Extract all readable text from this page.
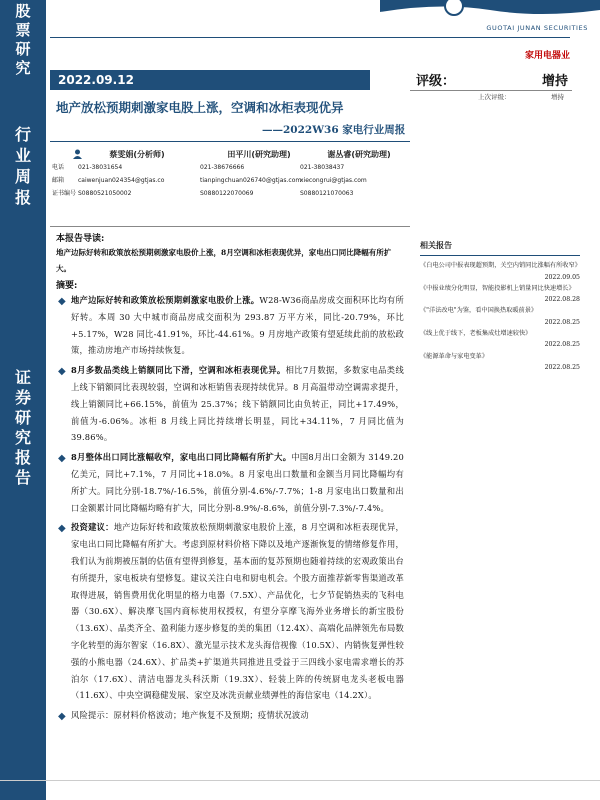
股
票
研
究
行
业
周
报
证
券
研
究
报
告
GUOTAI JUNAN SECURITIES
家用电器业
2022.09.12
地产放松预期刺激家电股上涨，空调和冰柜表现优异
——2022W36 家电行业周报
评级：	增持
上次评级：	增持
电话
邮箱
证书编号
蔡雯娟(分析师)
021-38031654
caiwenjuan024354@gtjas.co
S0880521050002
田平川(研究助理)
021-38676666
tianpingchuan026740@gtjas.com
S0880122070069
谢丛睿(研究助理)
021-38038437
xiecongrui@gtjas.com
S0880121070063
本报告导读:
地产边际好转和政策放松预期刺激家电股价上涨，8月空调和冰柜表现优异，家电出口同比降幅有所扩大。
摘要:
◆ 地产边际好转和政策放松预期刺激家电股价上涨。W28-W36商品房成交面积环比均有所好转。本周 30 大中城市商品房成交面积为 293.87 万平方米，同比-20.79%，环比+5.17%，W28 同比-41.91%，环比-44.61%。9 月房地产政策有望延续此前的放松政策，推动房地产市场持续恢复。
◆ 8月多数品类线上销额同比下滑，空调和冰柜表现优异。相比7月数据，多数家电品类线上线下销额同比表现较弱，空调和冰柜销售表现持续优异。8 月高温带动空调需求提升，线上销额同比+66.15%，前值为 25.37%；线下销额同比由负转正，同比+17.49%，前值为-6.06%。冰柜 8 月线上同比持续增长明显，同比+34.11%，7 月同比值为 39.86%。
◆ 8月整体出口同比涨幅收窄，家电出口同比降幅有所扩大。中国8月出口金额为 3149.20 亿美元，同比+7.1%，7 月同比+18.0%。8 月家电出口数量和金额当月同比降幅均有所扩大。同比分别-18.7%/-16.5%，前值分别-4.6%/-7.7%；1-8 月家电出口数量和出口金额累计同比降幅均略有扩大，同比分别-8.9%/-8.6%，前值分别-7.3%/-7.4%。
◆ 投资建议：地产边际好转和政策放松预期刺激家电股价上涨，8 月空调和冰柜表现优异，家电出口同比降幅有所扩大。考虑到原材料价格下降以及地产逐渐恢复的情绪修复作用，我们认为前期被压制的估值有望得到修复，基本面的复苏预期也随着持续的宏观政策出台有所提升，家电板块有望修复。建议关注白电和厨电机会。个股方面推荐新零售渠道改革取得进展，销售费用优化明显的格力电器（7.5X）、产品优化，七夕节促销热卖的飞科电器（30.6X）、解决摩飞国内商标使用权授权，有望分享摩飞海外业务增长的新宝股份（13.6X）、品类齐全、盈利能力逐步修复的美的集团（12.4X）、高端化品牌领先布局数字化转型的海尔智家（16.8X）、激光显示技术龙头海信视像（10.5X）、内销恢复弹性较强的小熊电器（24.6X）、扩品类+扩渠道共同推进且受益于三四线小家电需求增长的苏泊尔（17.6X）、清洁电器龙头科沃斯（19.3X）、轻装上阵的传统厨电龙头老板电器（11.6X）、中央空调稳健发展、家空及冰洗贡献业绩弹性的海信家电（14.2X）。
◆ 风险提示：原材料价格波动；地产恢复不及预期；疫情状况波动
相关报告
《白电公司中报表现超预期，关空内销同比涨幅有所收窄》
2022.09.05
《中报业绩分化明显，智能投影机上销量同比快速增长》
2022.08.28
《"洋法改电"为鉴，看中国换热取暖前景》
2022.08.25
《线上优于线下，老板集成灶增速较快》
2022.08.25
《能源革命与家电变革》
2022.08.25
